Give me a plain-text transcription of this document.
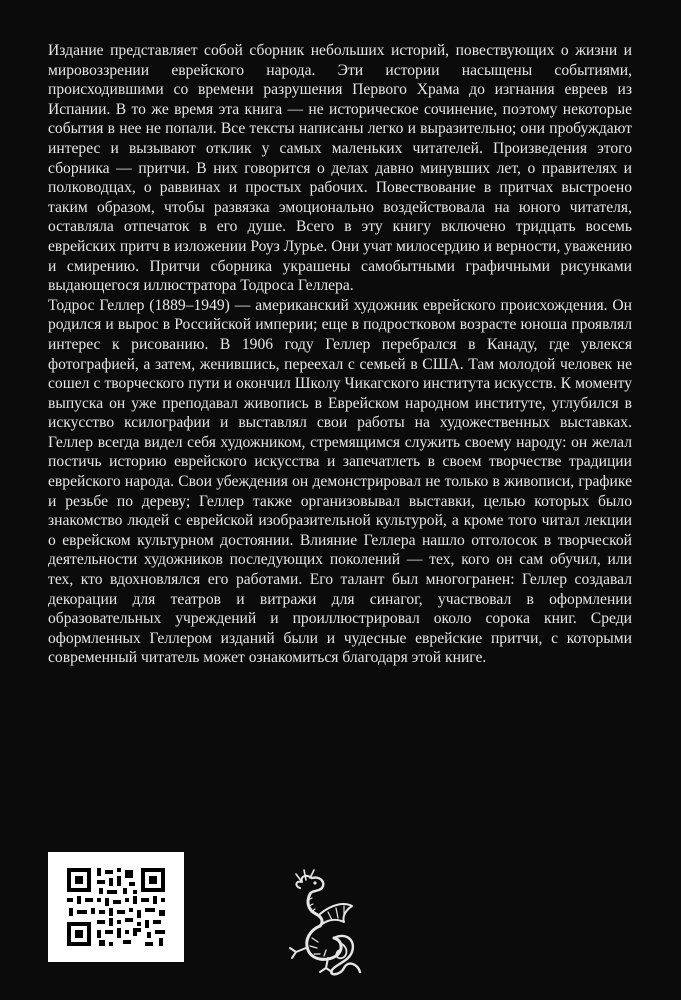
Издание представляет собой сборник небольших историй, повествующих о жизни и мировоззрении еврейского народа. Эти истории насыщены событиями, происходившими со времени разрушения Первого Храма до изгнания евреев из Испании. В то же время эта книга — не историческое сочинение, поэтому некоторые события в нее не попали. Все тексты написаны легко и выразительно; они пробуждают интерес и вызывают отклик у самых маленьких читателей. Произведения этого сборника — притчи. В них говорится о делах давно минувших лет, о правителях и полководцах, о раввинах и простых рабочих. Повествование в притчах выстроено таким образом, чтобы развязка эмоционально воздействовала на юного читателя, оставляла отпечаток в его душе. Всего в эту книгу включено тридцать восемь еврейских притч в изложении Роуз Лурье. Они учат милосердию и верности, уважению и смирению. Притчи сборника украшены самобытными графичными рисунками выдающегося иллюстратора Тодроса Геллера.

Тодрос Геллер (1889–1949) — американский художник еврейского происхождения. Он родился и вырос в Российской империи; еще в подростковом возрасте юноша проявлял интерес к рисованию. В 1906 году Геллер перебрался в Канаду, где увлекся фотографией, а затем, женившись, переехал с семьей в США. Там молодой человек не сошел с творческого пути и окончил Школу Чикагского института искусств. К моменту выпуска он уже преподавал живопись в Еврейском народном институте, углубился в искусство ксилографии и выставлял свои работы на художественных выставках. Геллер всегда видел себя художником, стремящимся служить своему народу: он желал постичь историю еврейского искусства и запечатлеть в своем творчестве традиции еврейского народа. Свои убеждения он демонстрировал не только в живописи, графике и резьбе по дереву; Геллер также организовывал выставки, целью которых было знакомство людей с еврейской изобразительной культурой, а кроме того читал лекции о еврейском культурном достоянии. Влияние Геллера нашло отголосок в творческой деятельности художников последующих поколений — тех, кого он сам обучил, или тех, кто вдохновлялся его работами. Его талант был многогранен: Геллер создавал декорации для театров и витражи для синагог, участвовал в оформлении образовательных учреждений и проиллюстрировал около сорока книг. Среди оформленных Геллером изданий были и чудесные еврейские притчи, с которыми современный читатель может ознакомиться благодаря этой книге.
